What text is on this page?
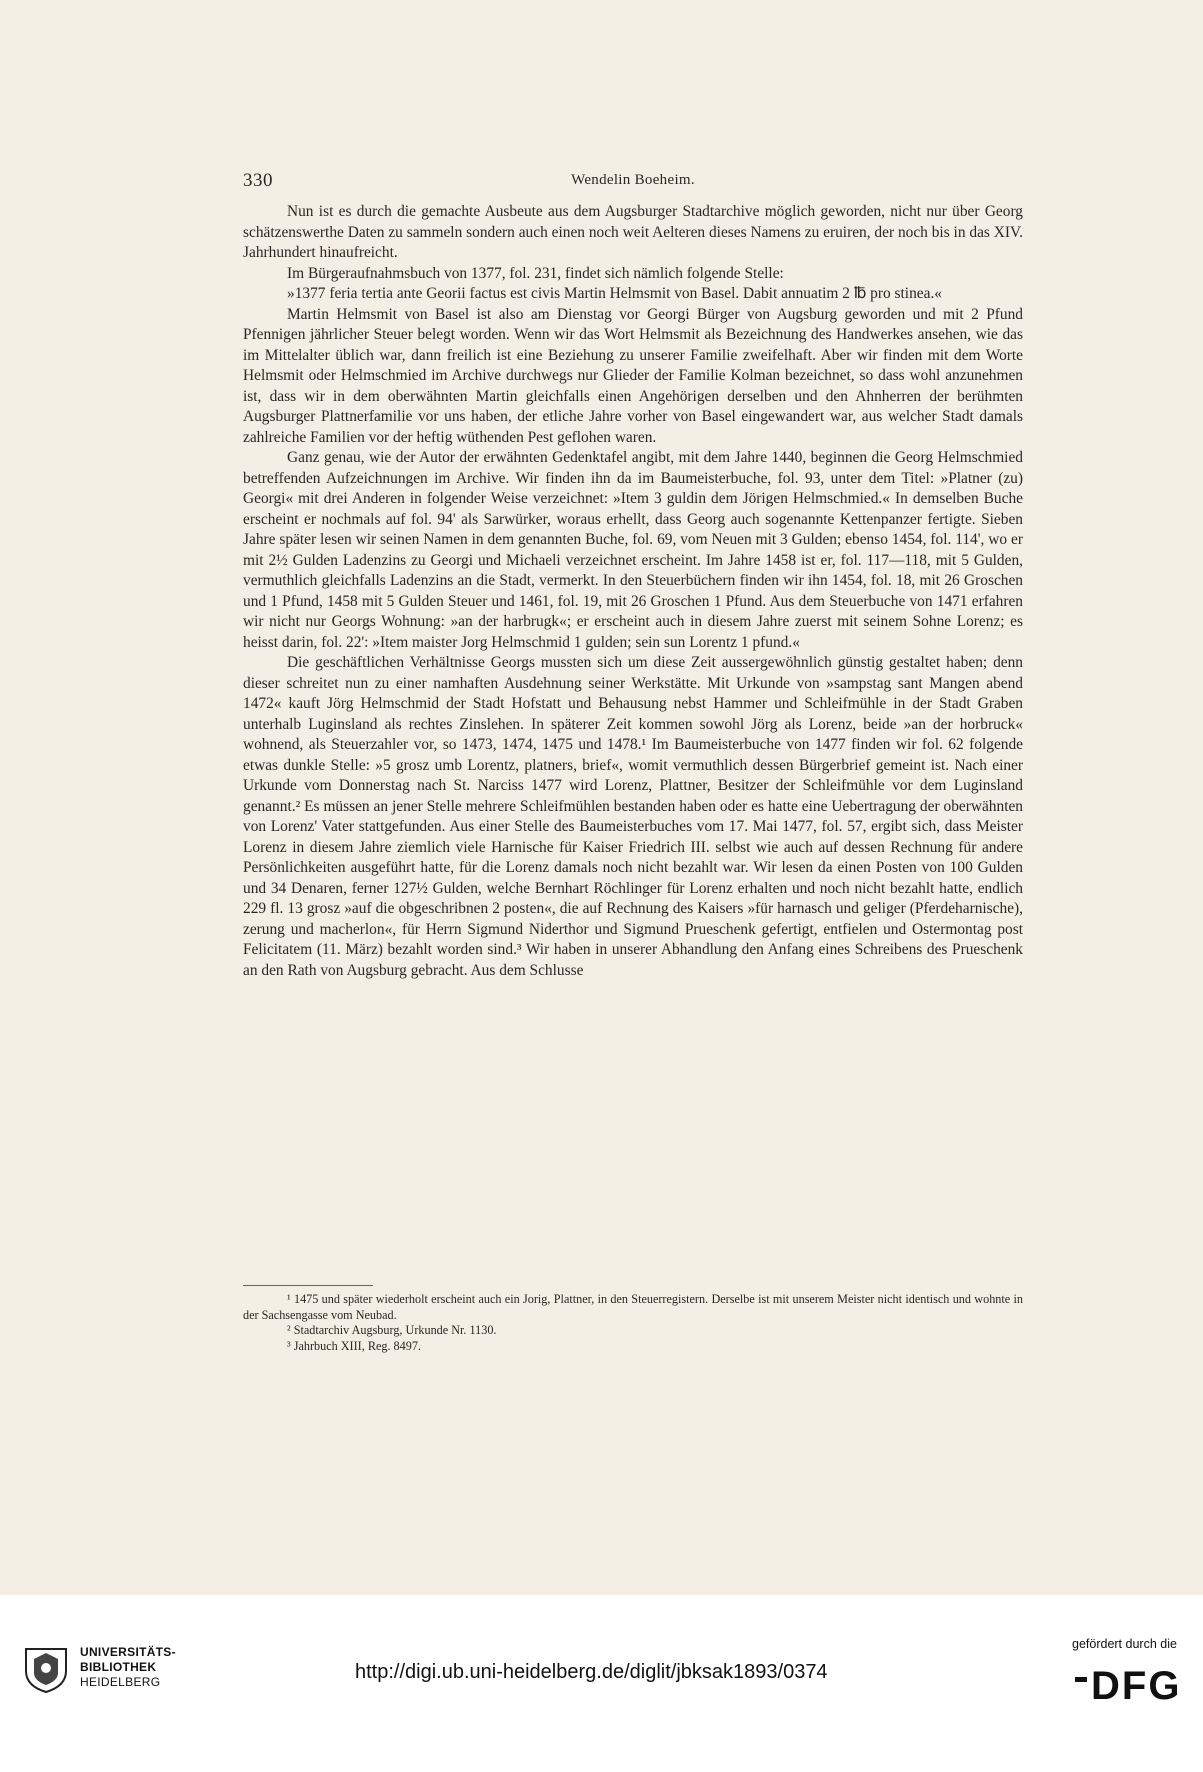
330	Wendelin Boeheim.

Nun ist es durch die gemachte Ausbeute aus dem Augsburger Stadtarchive möglich geworden, nicht nur über Georg schätzenswerthe Daten zu sammeln sondern auch einen noch weit Aelteren dieses Namens zu eruiren, der noch bis in das XIV. Jahrhundert hinaufreicht.

Im Bürgeraufnahmsbuch von 1377, fol. 231, findet sich nämlich folgende Stelle:

»1377 feria tertia ante Georii factus est civis Martin Helmsmit von Basel. Dabit annuatim 2 ℔ pro stinea.«

Martin Helmsmit von Basel ist also am Dienstag vor Georgi Bürger von Augsburg geworden und mit 2 Pfund Pfennigen jährlicher Steuer belegt worden. Wenn wir das Wort Helmsmit als Bezeichnung des Handwerkes ansehen, wie das im Mittelalter üblich war, dann freilich ist eine Beziehung zu unserer Familie zweifelhaft. Aber wir finden mit dem Worte Helmsmit oder Helmschmied im Archive durchwegs nur Glieder der Familie Kolman bezeichnet, so dass wohl anzunehmen ist, dass wir in dem oberwähnten Martin gleichfalls einen Angehörigen derselben und den Ahnherren der berühmten Augsburger Plattnerfamilie vor uns haben, der etliche Jahre vorher von Basel eingewandert war, aus welcher Stadt damals zahlreiche Familien vor der heftig wüthenden Pest geflohen waren.

Ganz genau, wie der Autor der erwähnten Gedenktafel angibt, mit dem Jahre 1440, beginnen die Georg Helmschmied betreffenden Aufzeichnungen im Archive. Wir finden ihn da im Baumeisterbuche, fol. 93, unter dem Titel: »Platner (zu) Georgi« mit drei Anderen in folgender Weise verzeichnet: »Item 3 guldin dem Jörigen Helmschmied.« In demselben Buche erscheint er nochmals auf fol. 94' als Sarwürker, woraus erhellt, dass Georg auch sogenannte Kettenpanzer fertigte. Sieben Jahre später lesen wir seinen Namen in dem genannten Buche, fol. 69, vom Neuen mit 3 Gulden; ebenso 1454, fol. 114', wo er mit 2½ Gulden Ladenzins zu Georgi und Michaeli verzeichnet erscheint. Im Jahre 1458 ist er, fol. 117—118, mit 5 Gulden, vermuthlich gleichfalls Ladenzins an die Stadt, vermerkt. In den Steuerbüchern finden wir ihn 1454, fol. 18, mit 26 Groschen und 1 Pfund, 1458 mit 5 Gulden Steuer und 1461, fol. 19, mit 26 Groschen 1 Pfund. Aus dem Steuerbuche von 1471 erfahren wir nicht nur Georgs Wohnung: »an der harbrugk«; er erscheint auch in diesem Jahre zuerst mit seinem Sohne Lorenz; es heisst darin, fol. 22': »Item maister Jorg Helmschmid 1 gulden; sein sun Lorentz 1 pfund.«

Die geschäftlichen Verhältnisse Georgs mussten sich um diese Zeit aussergewöhnlich günstig gestaltet haben; denn dieser schreitet nun zu einer namhaften Ausdehnung seiner Werkstätte. Mit Urkunde von »sampstag sant Mangen abend 1472« kauft Jörg Helmschmid der Stadt Hofstatt und Behausung nebst Hammer und Schleifmühle in der Stadt Graben unterhalb Luginsland als rechtes Zinslehen. In späterer Zeit kommen sowohl Jörg als Lorenz, beide »an der horbruck« wohnend, als Steuerzahler vor, so 1473, 1474, 1475 und 1478.¹ Im Baumeisterbuche von 1477 finden wir fol. 62 folgende etwas dunkle Stelle: »5 grosz umb Lorentz, platners, brief«, womit vermuthlich dessen Bürgerbrief gemeint ist. Nach einer Urkunde vom Donnerstag nach St. Narciss 1477 wird Lorenz, Plattner, Besitzer der Schleifmühle vor dem Luginsland genannt.² Es müssen an jener Stelle mehrere Schleifmühlen bestanden haben oder es hatte eine Uebertragung der oberwähnten von Lorenz' Vater stattgefunden. Aus einer Stelle des Baumeisterbuches vom 17. Mai 1477, fol. 57, ergibt sich, dass Meister Lorenz in diesem Jahre ziemlich viele Harnische für Kaiser Friedrich III. selbst wie auch auf dessen Rechnung für andere Persönlichkeiten ausgeführt hatte, für die Lorenz damals noch nicht bezahlt war. Wir lesen da einen Posten von 100 Gulden und 34 Denaren, ferner 127½ Gulden, welche Bernhart Röchlinger für Lorenz erhalten und noch nicht bezahlt hatte, endlich 229 fl. 13 grosz »auf die obgeschribnen 2 posten«, die auf Rechnung des Kaisers »für harnasch und geliger (Pferdeharnische), zerung und macherlon«, für Herrn Sigmund Niderthor und Sigmund Prueschenk gefertigt, entfielen und Ostermontag post Felicitatem (11. März) bezahlt worden sind.³ Wir haben in unserer Abhandlung den Anfang eines Schreibens des Prueschenk an den Rath von Augsburg gebracht. Aus dem Schlusse

¹ 1475 und später wiederholt erscheint auch ein Jorig, Plattner, in den Steuerregistern. Derselbe ist mit unserem Meister nicht identisch und wohnte in der Sachsengasse vom Neubad.

² Stadtarchiv Augsburg, Urkunde Nr. 1130.

³ Jahrbuch XIII, Reg. 8497.

UNIVERSITÄTS-
BIBLIOTHEK
HEIDELBERG	http://digi.ub.uni-heidelberg.de/diglit/jbksak1893/0374
gefördert durch die
DFG
